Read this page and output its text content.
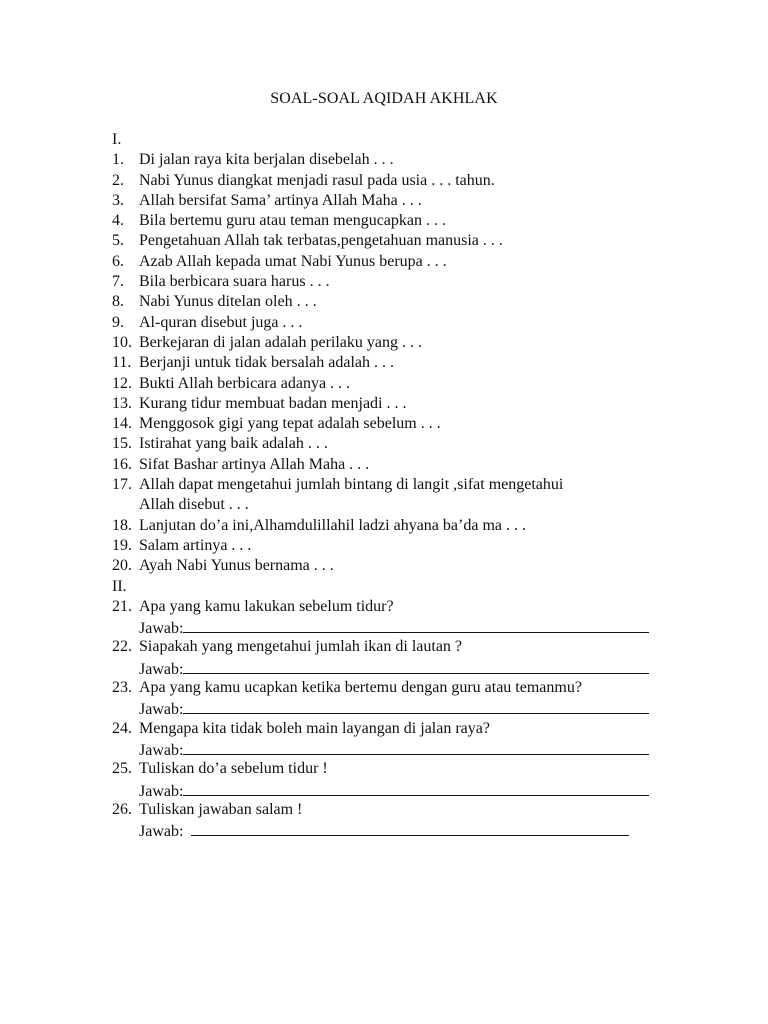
SOAL-SOAL AQIDAH AKHLAK
I.
1. Di jalan raya kita berjalan disebelah . . .
2. Nabi Yunus diangkat menjadi rasul pada usia . . . tahun.
3. Allah bersifat Sama’ artinya Allah Maha . . .
4. Bila bertemu guru atau teman mengucapkan . . .
5. Pengetahuan Allah tak terbatas,pengetahuan manusia . . .
6. Azab Allah kepada umat Nabi Yunus berupa . . .
7. Bila berbicara suara harus . . .
8. Nabi Yunus ditelan oleh . . .
9. Al-quran disebut juga . . .
10. Berkejaran di jalan adalah perilaku yang . . .
11. Berjanji untuk tidak bersalah adalah . . .
12. Bukti Allah berbicara adanya . . .
13. Kurang tidur membuat badan menjadi . . .
14. Menggosok gigi yang tepat adalah sebelum . . .
15. Istirahat yang baik adalah . . .
16. Sifat Bashar artinya Allah Maha . . .
17. Allah dapat mengetahui jumlah bintang di langit ,sifat mengetahui
Allah disebut . . .
18. Lanjutan do’a ini,Alhamdulillahil ladzi ahyana ba’da ma . . .
19. Salam artinya . . .
20. Ayah Nabi Yunus bernama . . .
II.
21. Apa yang kamu lakukan sebelum tidur?
Jawab:
22. Siapakah yang mengetahui jumlah ikan di lautan ?
Jawab:
23. Apa yang kamu ucapkan ketika bertemu dengan guru atau temanmu?
Jawab:
24. Mengapa kita tidak boleh main layangan di jalan raya?
Jawab:
25. Tuliskan do’a sebelum tidur !
Jawab:
26. Tuliskan jawaban salam !
Jawab:
